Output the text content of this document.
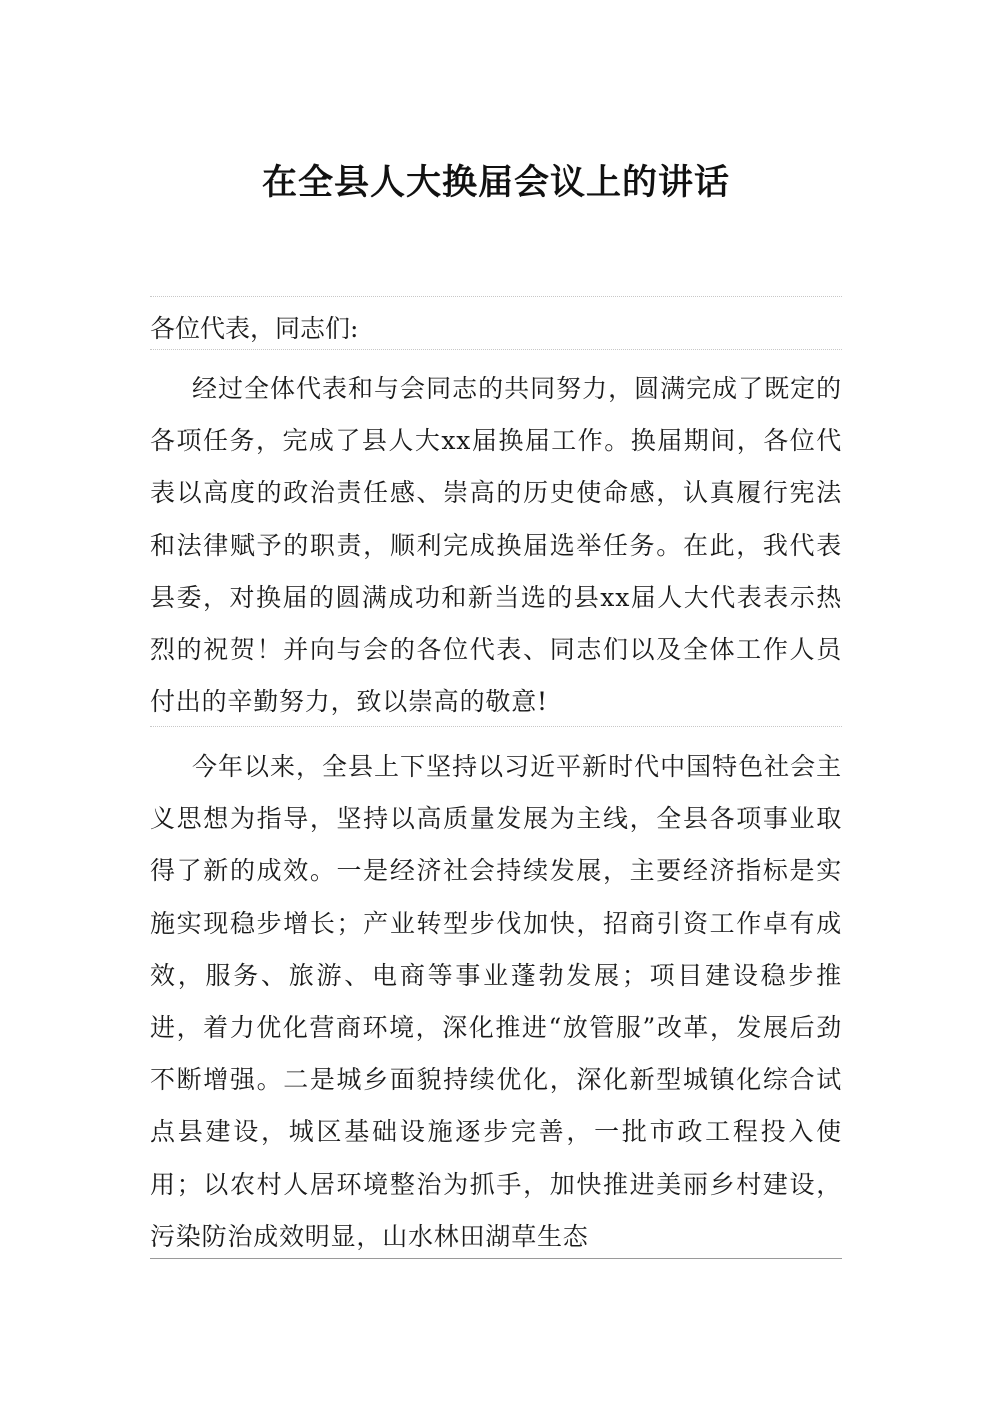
在全县人大换届会议上的讲话

各位代表，同志们:

经过全体代表和与会同志的共同努力，圆满完成了既定的各项任务，完成了县人大xx届换届工作。换届期间，各位代表以高度的政治责任感、崇高的历史使命感，认真履行宪法和法律赋予的职责，顺利完成换届选举任务。在此，我代表县委，对换届的圆满成功和新当选的县xx届人大代表表示热烈的祝贺！并向与会的各位代表、同志们以及全体工作人员付出的辛勤努力，致以崇高的敬意!

今年以来，全县上下坚持以习近平新时代中国特色社会主义思想为指导，坚持以高质量发展为主线，全县各项事业取得了新的成效。一是经济社会持续发展，主要经济指标是实施实现稳步增长；产业转型步伐加快，招商引资工作卓有成效，服务、旅游、电商等事业蓬勃发展；项目建设稳步推进，着力优化营商环境，深化推进“放管服”改革，发展后劲不断增强。二是城乡面貌持续优化，深化新型城镇化综合试点县建设，城区基础设施逐步完善，一批市政工程投入使用；以农村人居环境整治为抓手，加快推进美丽乡村建设，污染防治成效明显，山水林田湖草生态
